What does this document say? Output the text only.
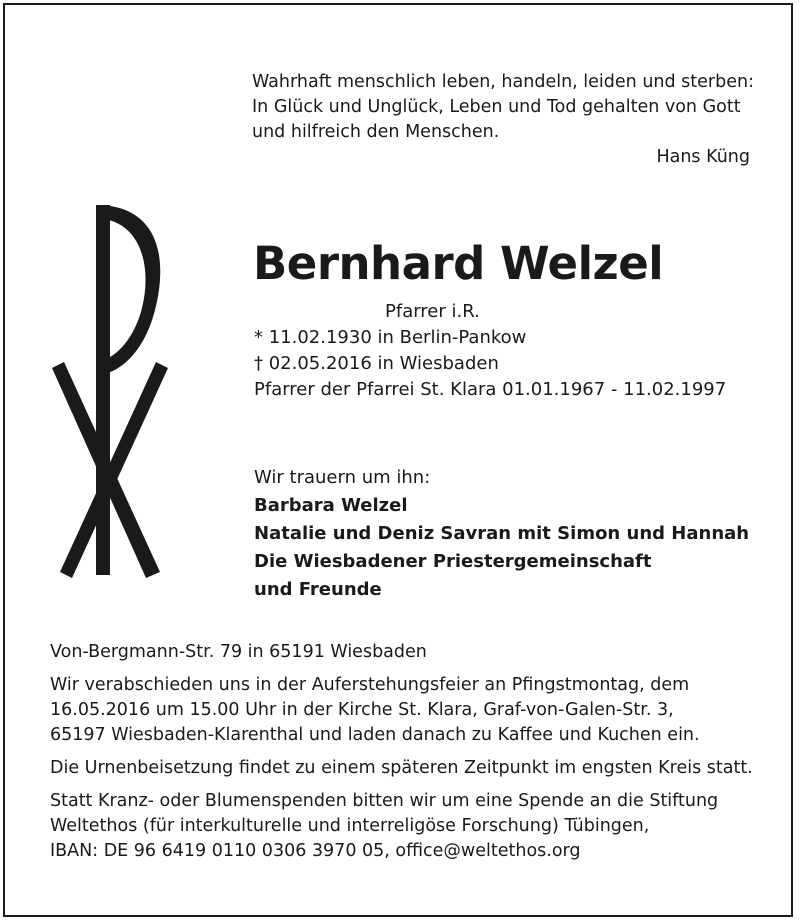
Wahrhaft menschlich leben, handeln, leiden und sterben:
In Glück und Unglück, Leben und Tod gehalten von Gott
und hilfreich den Menschen.
Hans Küng
Bernhard Welzel
Pfarrer i.R.
* 11.02.1930 in Berlin-Pankow
† 02.05.2016 in Wiesbaden
Pfarrer der Pfarrei St. Klara 01.01.1967 - 11.02.1997
Wir trauern um ihn:
Barbara Welzel
Natalie und Deniz Savran mit Simon und Hannah
Die Wiesbadener Priestergemeinschaft
und Freunde

Von-Bergmann-Str. 79 in 65191 Wiesbaden

Wir verabschieden uns in der Auferstehungsfeier an Pfingstmontag, dem
16.05.2016 um 15.00 Uhr in der Kirche St. Klara, Graf-von-Galen-Str. 3,
65197 Wiesbaden-Klarenthal und laden danach zu Kaffee und Kuchen ein.

Die Urnenbeisetzung findet zu einem späteren Zeitpunkt im engsten Kreis statt.

Statt Kranz- oder Blumenspenden bitten wir um eine Spende an die Stiftung
Weltethos (für interkulturelle und interreligöse Forschung) Tübingen,
IBAN: DE 96 6419 0110 0306 3970 05, office@weltethos.org
